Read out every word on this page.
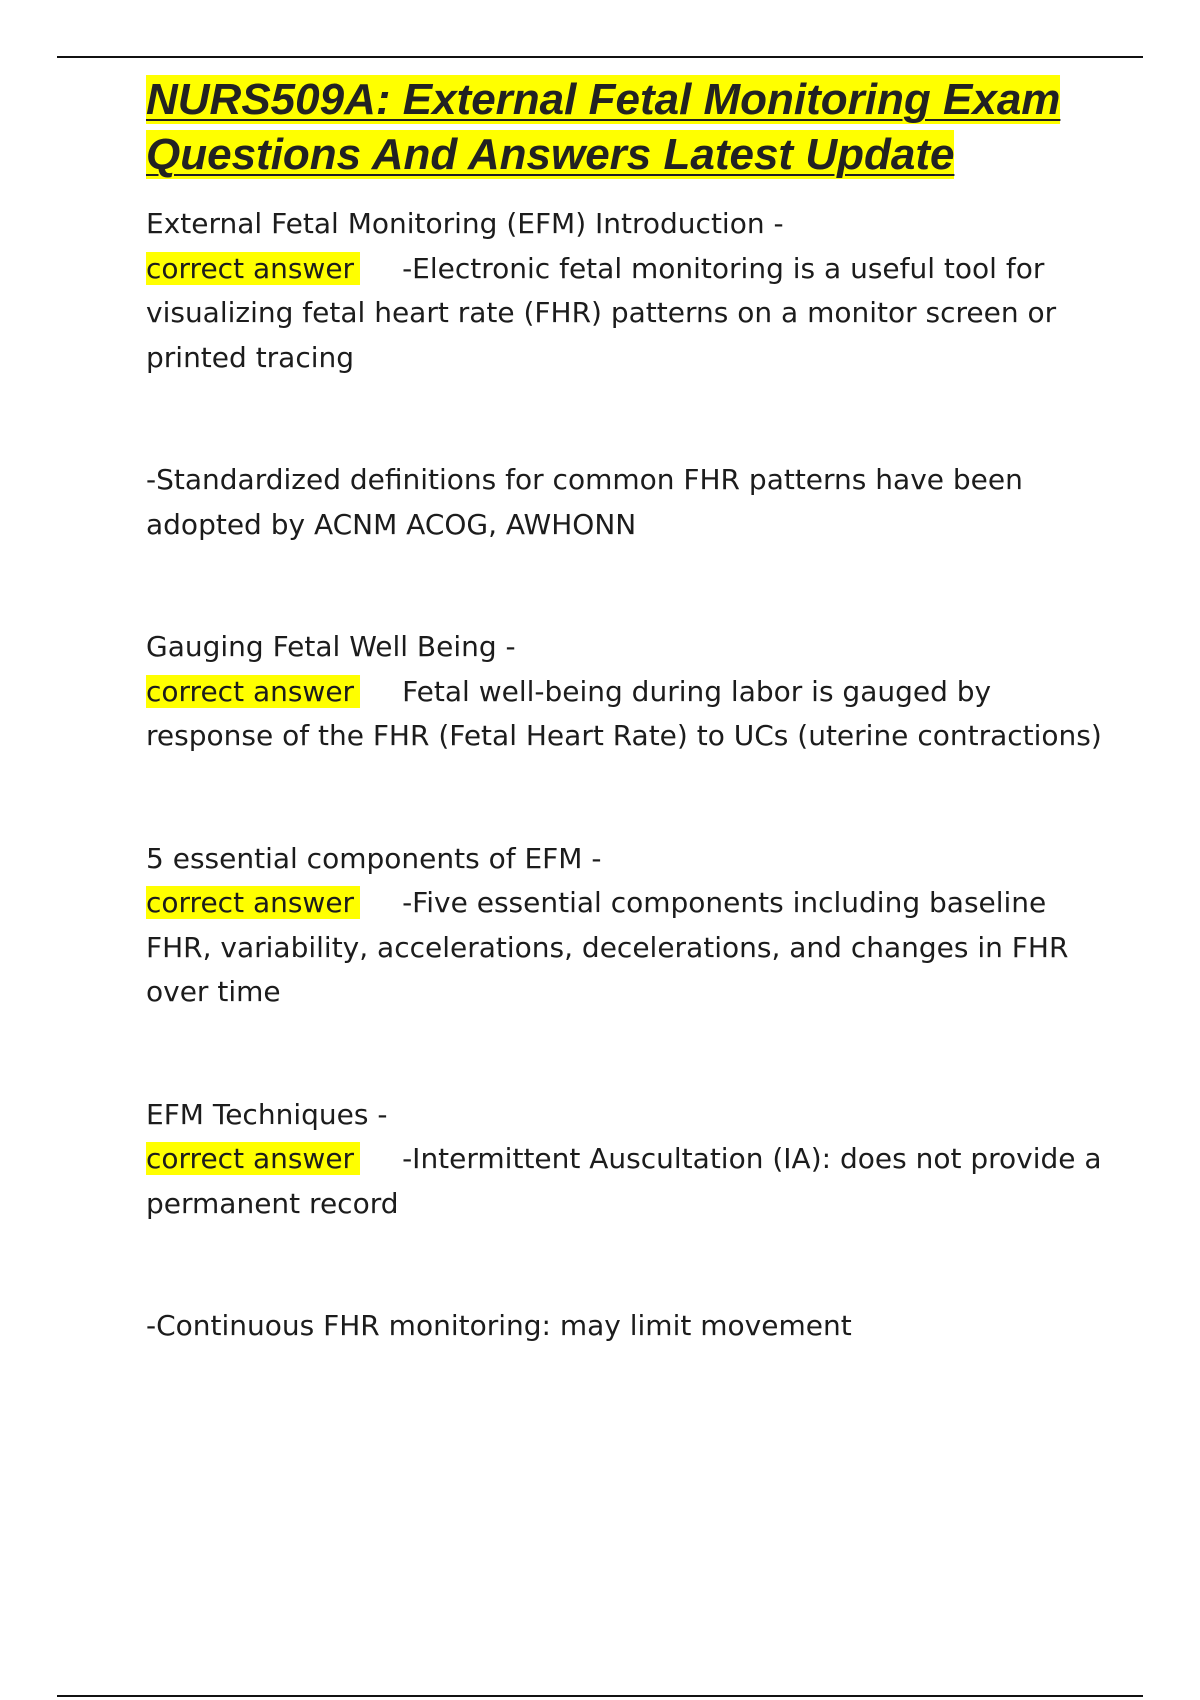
NURS509A: External Fetal Monitoring Exam Questions And Answers Latest Update

External Fetal Monitoring (EFM) Introduction -

correct answer -Electronic fetal monitoring is a useful tool for visualizing fetal heart rate (FHR) patterns on a monitor screen or printed tracing

-Standardized definitions for common FHR patterns have been adopted by ACNM ACOG, AWHONN

Gauging Fetal Well Being -

correct answer Fetal well-being during labor is gauged by response of the FHR (Fetal Heart Rate) to UCs (uterine contractions)

5 essential components of EFM -

correct answer -Five essential components including baseline FHR, variability, accelerations, decelerations, and changes in FHR over time

EFM Techniques -

correct answer -Intermittent Auscultation (IA): does not provide a permanent record

-Continuous FHR monitoring: may limit movement
